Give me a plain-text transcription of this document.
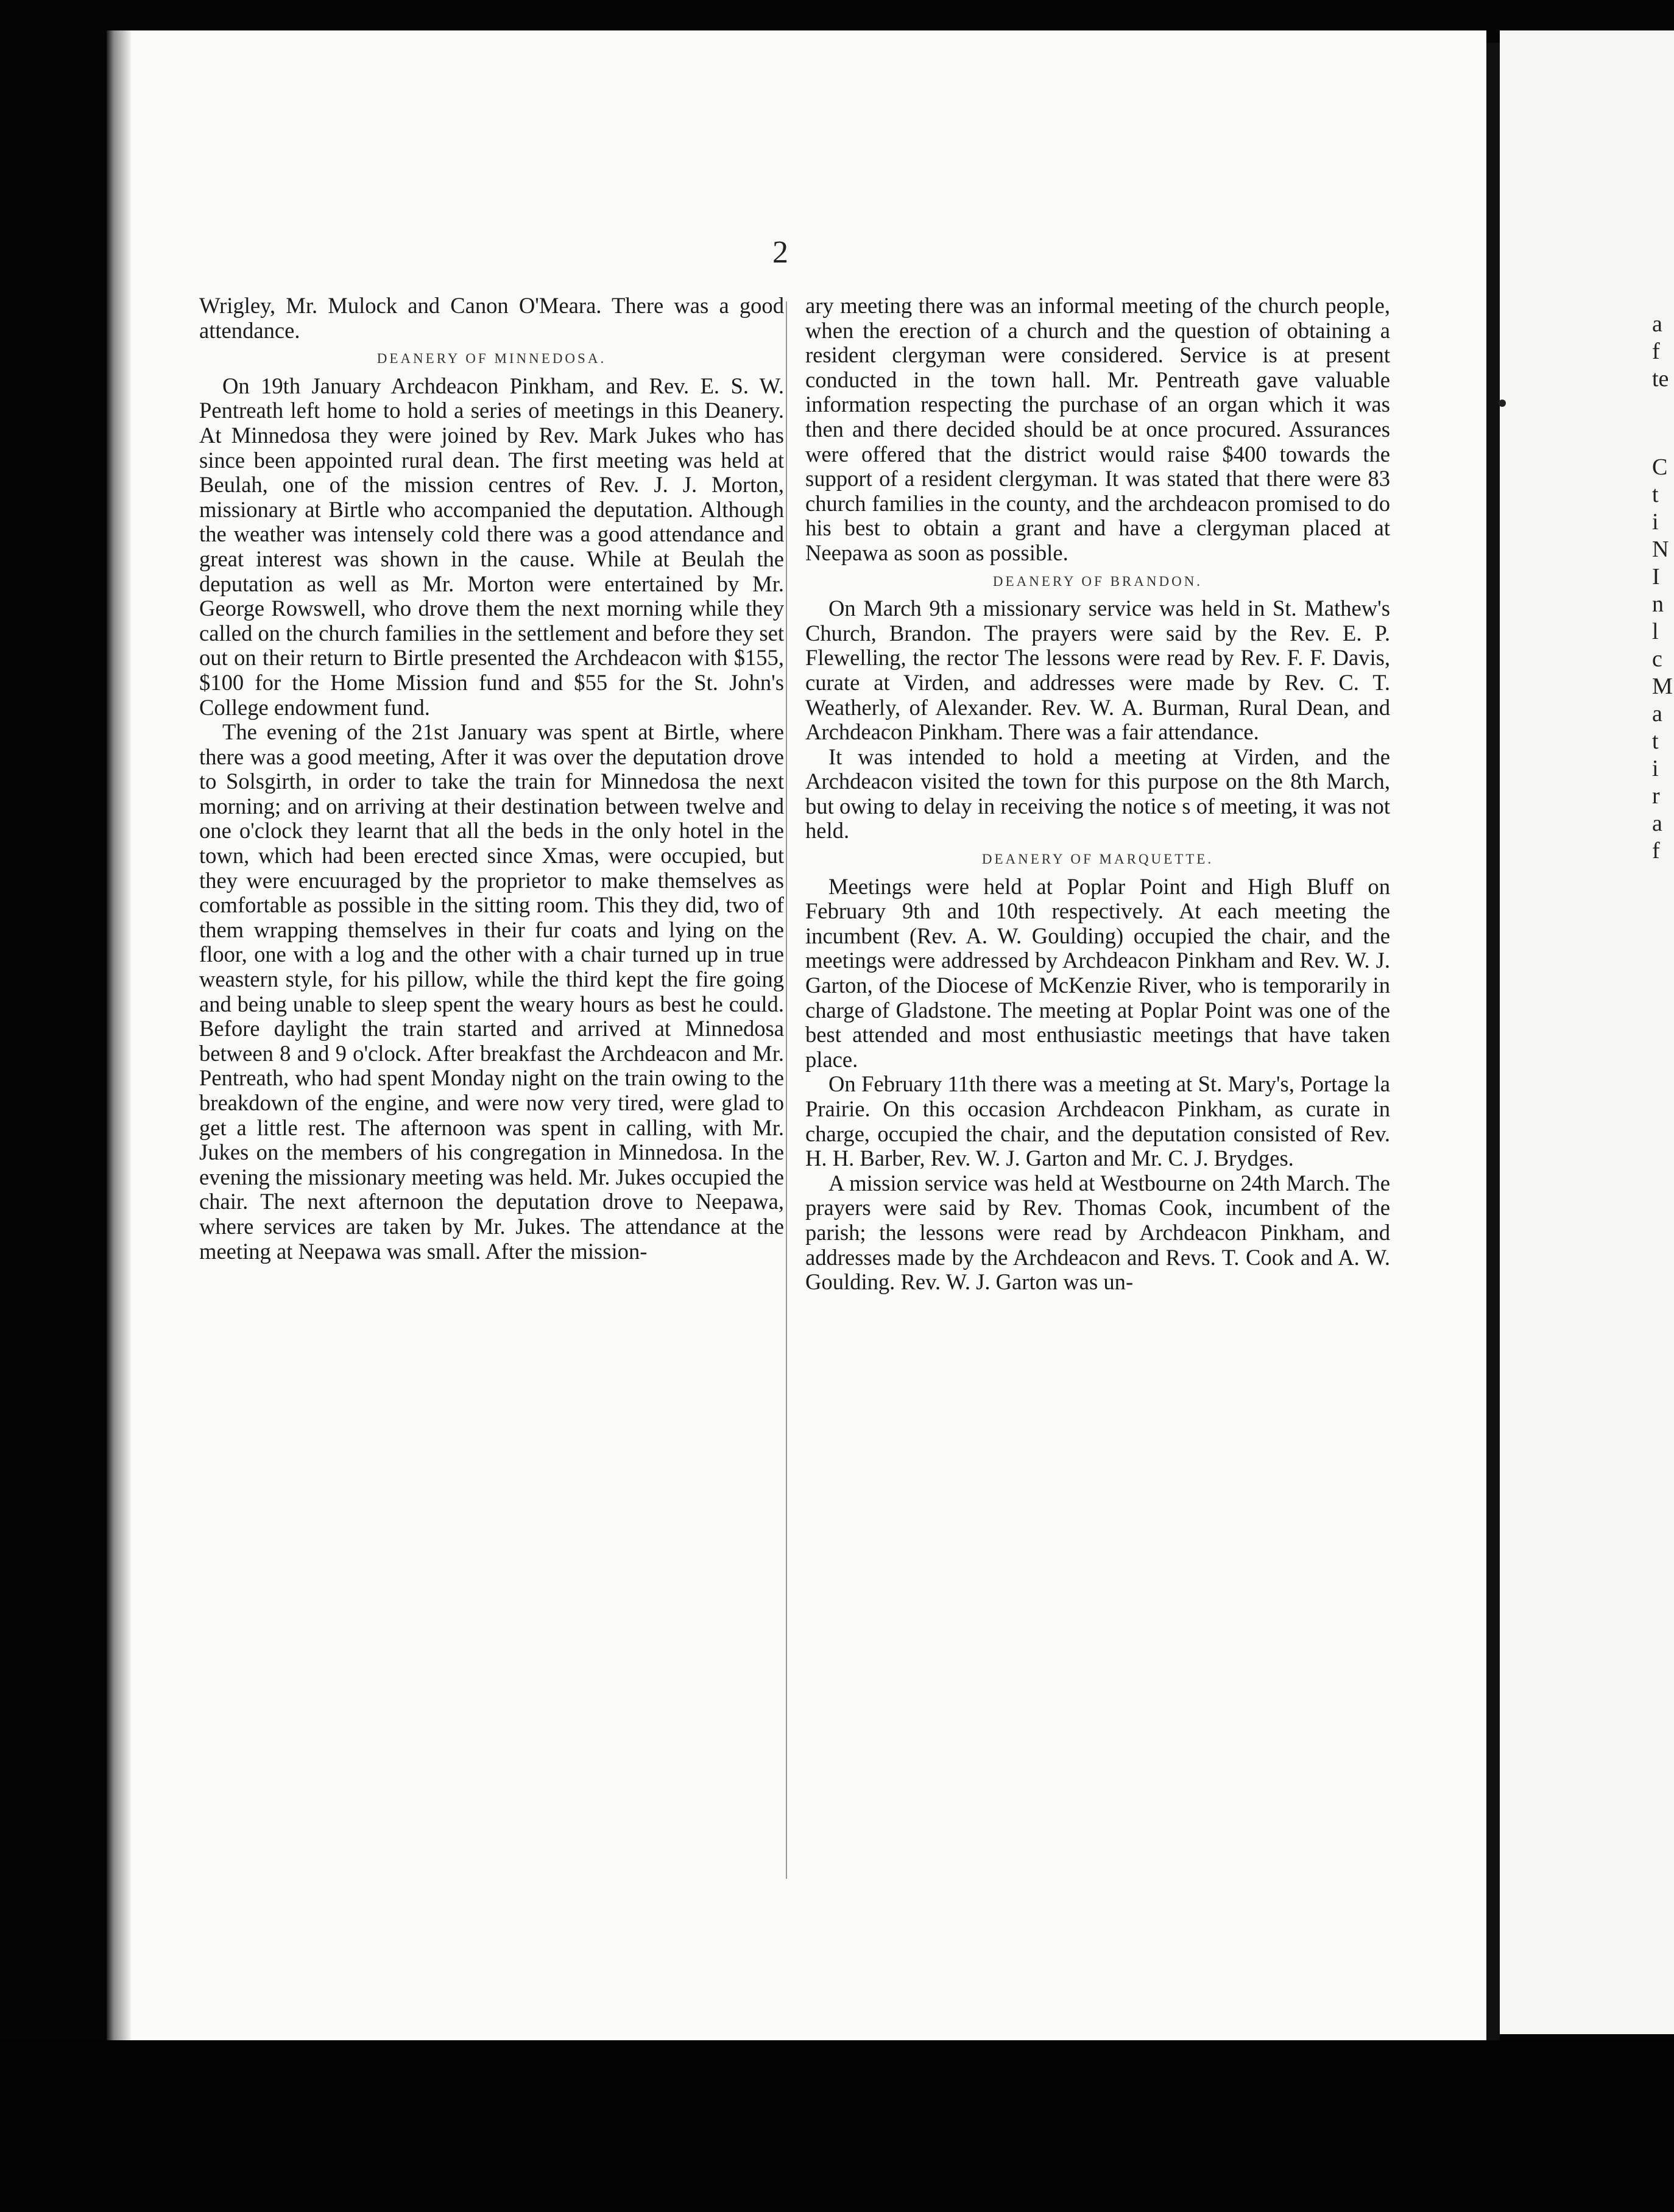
2

Wrigley, Mr. Mulock and Canon O'Meara. There was a good attendance.

DEANERY OF MINNEDOSA.

On 19th January Archdeacon Pinkham, and Rev. E. S. W. Pentreath left home to hold a series of meetings in this Deanery. At Minnedosa they were joined by Rev. Mark Jukes who has since been appointed rural dean. The first meeting was held at Beulah, one of the mission centres of Rev. J. J. Morton, missionary at Birtle who accompanied the deputation. Although the weather was intensely cold there was a good attendance and great interest was shown in the cause. While at Beulah the deputation as well as Mr. Morton were entertained by Mr. George Rowswell, who drove them the next morning while they called on the church families in the settlement and before they set out on their return to Birtle presented the Archdeacon with $155, $100 for the Home Mission fund and $55 for the St. John's College endowment fund.

The evening of the 21st January was spent at Birtle, where there was a good meeting, After it was over the deputation drove to Solsgirth, in order to take the train for Minnedosa the next morning; and on arriving at their destination between twelve and one o'clock they learnt that all the beds in the only hotel in the town, which had been erected since Xmas, were occupied, but they were encuuraged by the proprietor to make themselves as comfortable as possible in the sitting room. This they did, two of them wrapping themselves in their fur coats and lying on the floor, one with a log and the other with a chair turned up in true weastern style, for his pillow, while the third kept the fire going and being unable to sleep spent the weary hours as best he could. Before daylight the train started and arrived at Minnedosa between 8 and 9 o'clock. After breakfast the Archdeacon and Mr. Pentreath, who had spent Monday night on the train owing to the breakdown of the engine, and were now very tired, were glad to get a little rest. The afternoon was spent in calling, with Mr. Jukes on the members of his congregation in Minnedosa. In the evening the missionary meeting was held. Mr. Jukes occupied the chair. The next afternoon the deputation drove to Neepawa, where services are taken by Mr. Jukes. The attendance at the meeting at Neepawa was small. After the mission-

ary meeting there was an informal meeting of the church people, when the erection of a church and the question of obtaining a resident clergyman were considered. Service is at present conducted in the town hall. Mr. Pentreath gave valuable information respecting the purchase of an organ which it was then and there decided should be at once procured. Assurances were offered that the district would raise $400 towards the support of a resident clergyman. It was stated that there were 83 church families in the county, and the archdeacon promised to do his best to obtain a grant and have a clergyman placed at Neepawa as soon as possible.

DEANERY OF BRANDON.

On March 9th a missionary service was held in St. Mathew's Church, Brandon. The prayers were said by the Rev. E. P. Flewelling, the rector The lessons were read by Rev. F. F. Davis, curate at Virden, and addresses were made by Rev. C. T. Weatherly, of Alexander. Rev. W. A. Burman, Rural Dean, and Archdeacon Pinkham. There was a fair attendance.

It was intended to hold a meeting at Virden, and the Archdeacon visited the town for this purpose on the 8th March, but owing to delay in receiving the notice s of meeting, it was not held.

DEANERY OF MARQUETTE.

Meetings were held at Poplar Point and High Bluff on February 9th and 10th respectively. At each meeting the incumbent (Rev. A. W. Goulding) occupied the chair, and the meetings were addressed by Archdeacon Pinkham and Rev. W. J. Garton, of the Diocese of McKenzie River, who is temporarily in charge of Gladstone. The meeting at Poplar Point was one of the best attended and most enthusiastic meetings that have taken place.

On February 11th there was a meeting at St. Mary's, Portage la Prairie. On this occasion Archdeacon Pinkham, as curate in charge, occupied the chair, and the deputation consisted of Rev. H. H. Barber, Rev. W. J. Garton and Mr. C. J. Brydges.

A mission service was held at Westbourne on 24th March. The prayers were said by Rev. Thomas Cook, incumbent of the parish; the lessons were read by Archdeacon Pinkham, and addresses made by the Archdeacon and Revs. T. Cook and A. W. Goulding. Rev. W. J. Garton was un-

a
f
te
C
t
i
N
I
n
l
c
M
a
t
i
r
a
f
